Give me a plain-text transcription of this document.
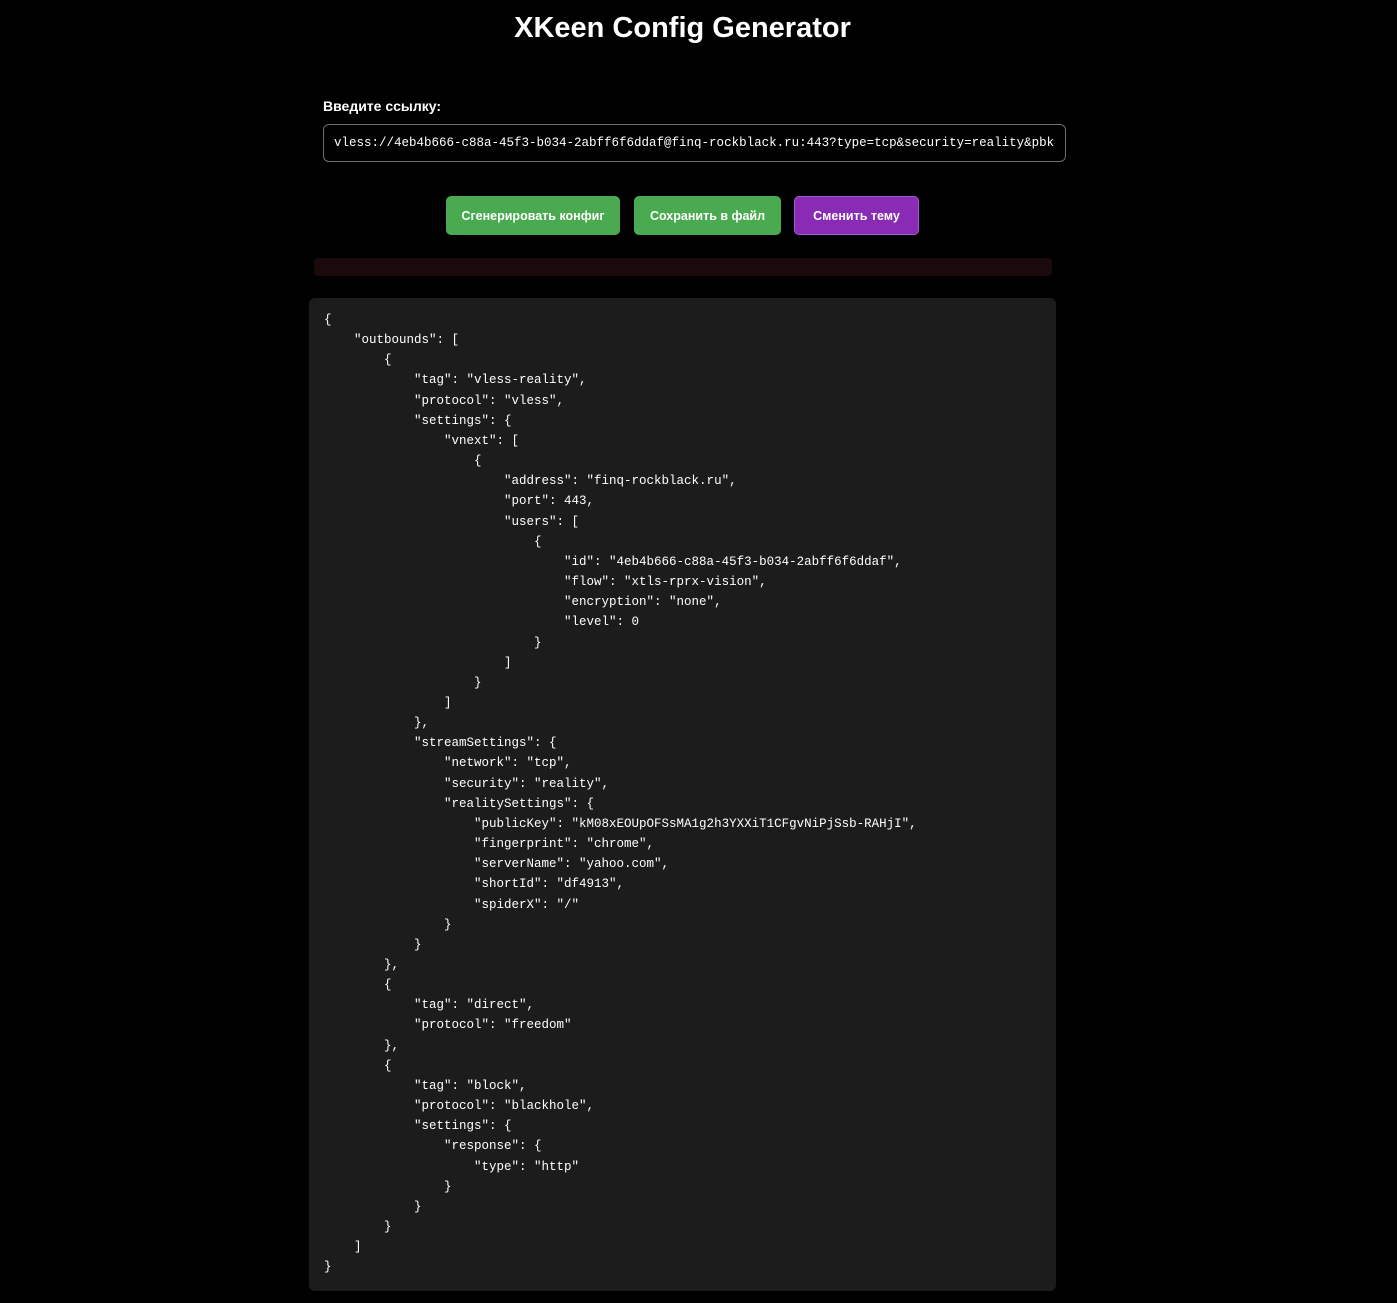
XKeen Config Generator
Введите ссылку:
vless://4eb4b666-c88a-45f3-b034-2abff6f6ddaf@finq-rockblack.ru:443?type=tcp&security=reality&pbk=kM08xEOUpOFSsMA1g2h3YXXiT1CFgvNiPjSsb-RAHjI&fp=chrome&sni=yahoo.com&sid=df4913&spx=%2F&flow=xtls-rprx-vision
Сгенерировать конфиг	Сохранить в файл	Сменить тему
{
"outbounds": [
{
"tag": "vless-reality",
"protocol": "vless",
"settings": {
"vnext": [
{
"address": "finq-rockblack.ru",
"port": 443,
"users": [
{
"id": "4eb4b666-c88a-45f3-b034-2abff6f6ddaf",
"flow": "xtls-rprx-vision",
"encryption": "none",
"level": 0
}
]
}
]
},
"streamSettings": {
"network": "tcp",
"security": "reality",
"realitySettings": {
"publicKey": "kM08xEOUpOFSsMA1g2h3YXXiT1CFgvNiPjSsb-RAHjI",
"fingerprint": "chrome",
"serverName": "yahoo.com",
"shortId": "df4913",
"spiderX": "/"
}
}
},
{
"tag": "direct",
"protocol": "freedom"
},
{
"tag": "block",
"protocol": "blackhole",
"settings": {
"response": {
"type": "http"
}
}
}
]
}
